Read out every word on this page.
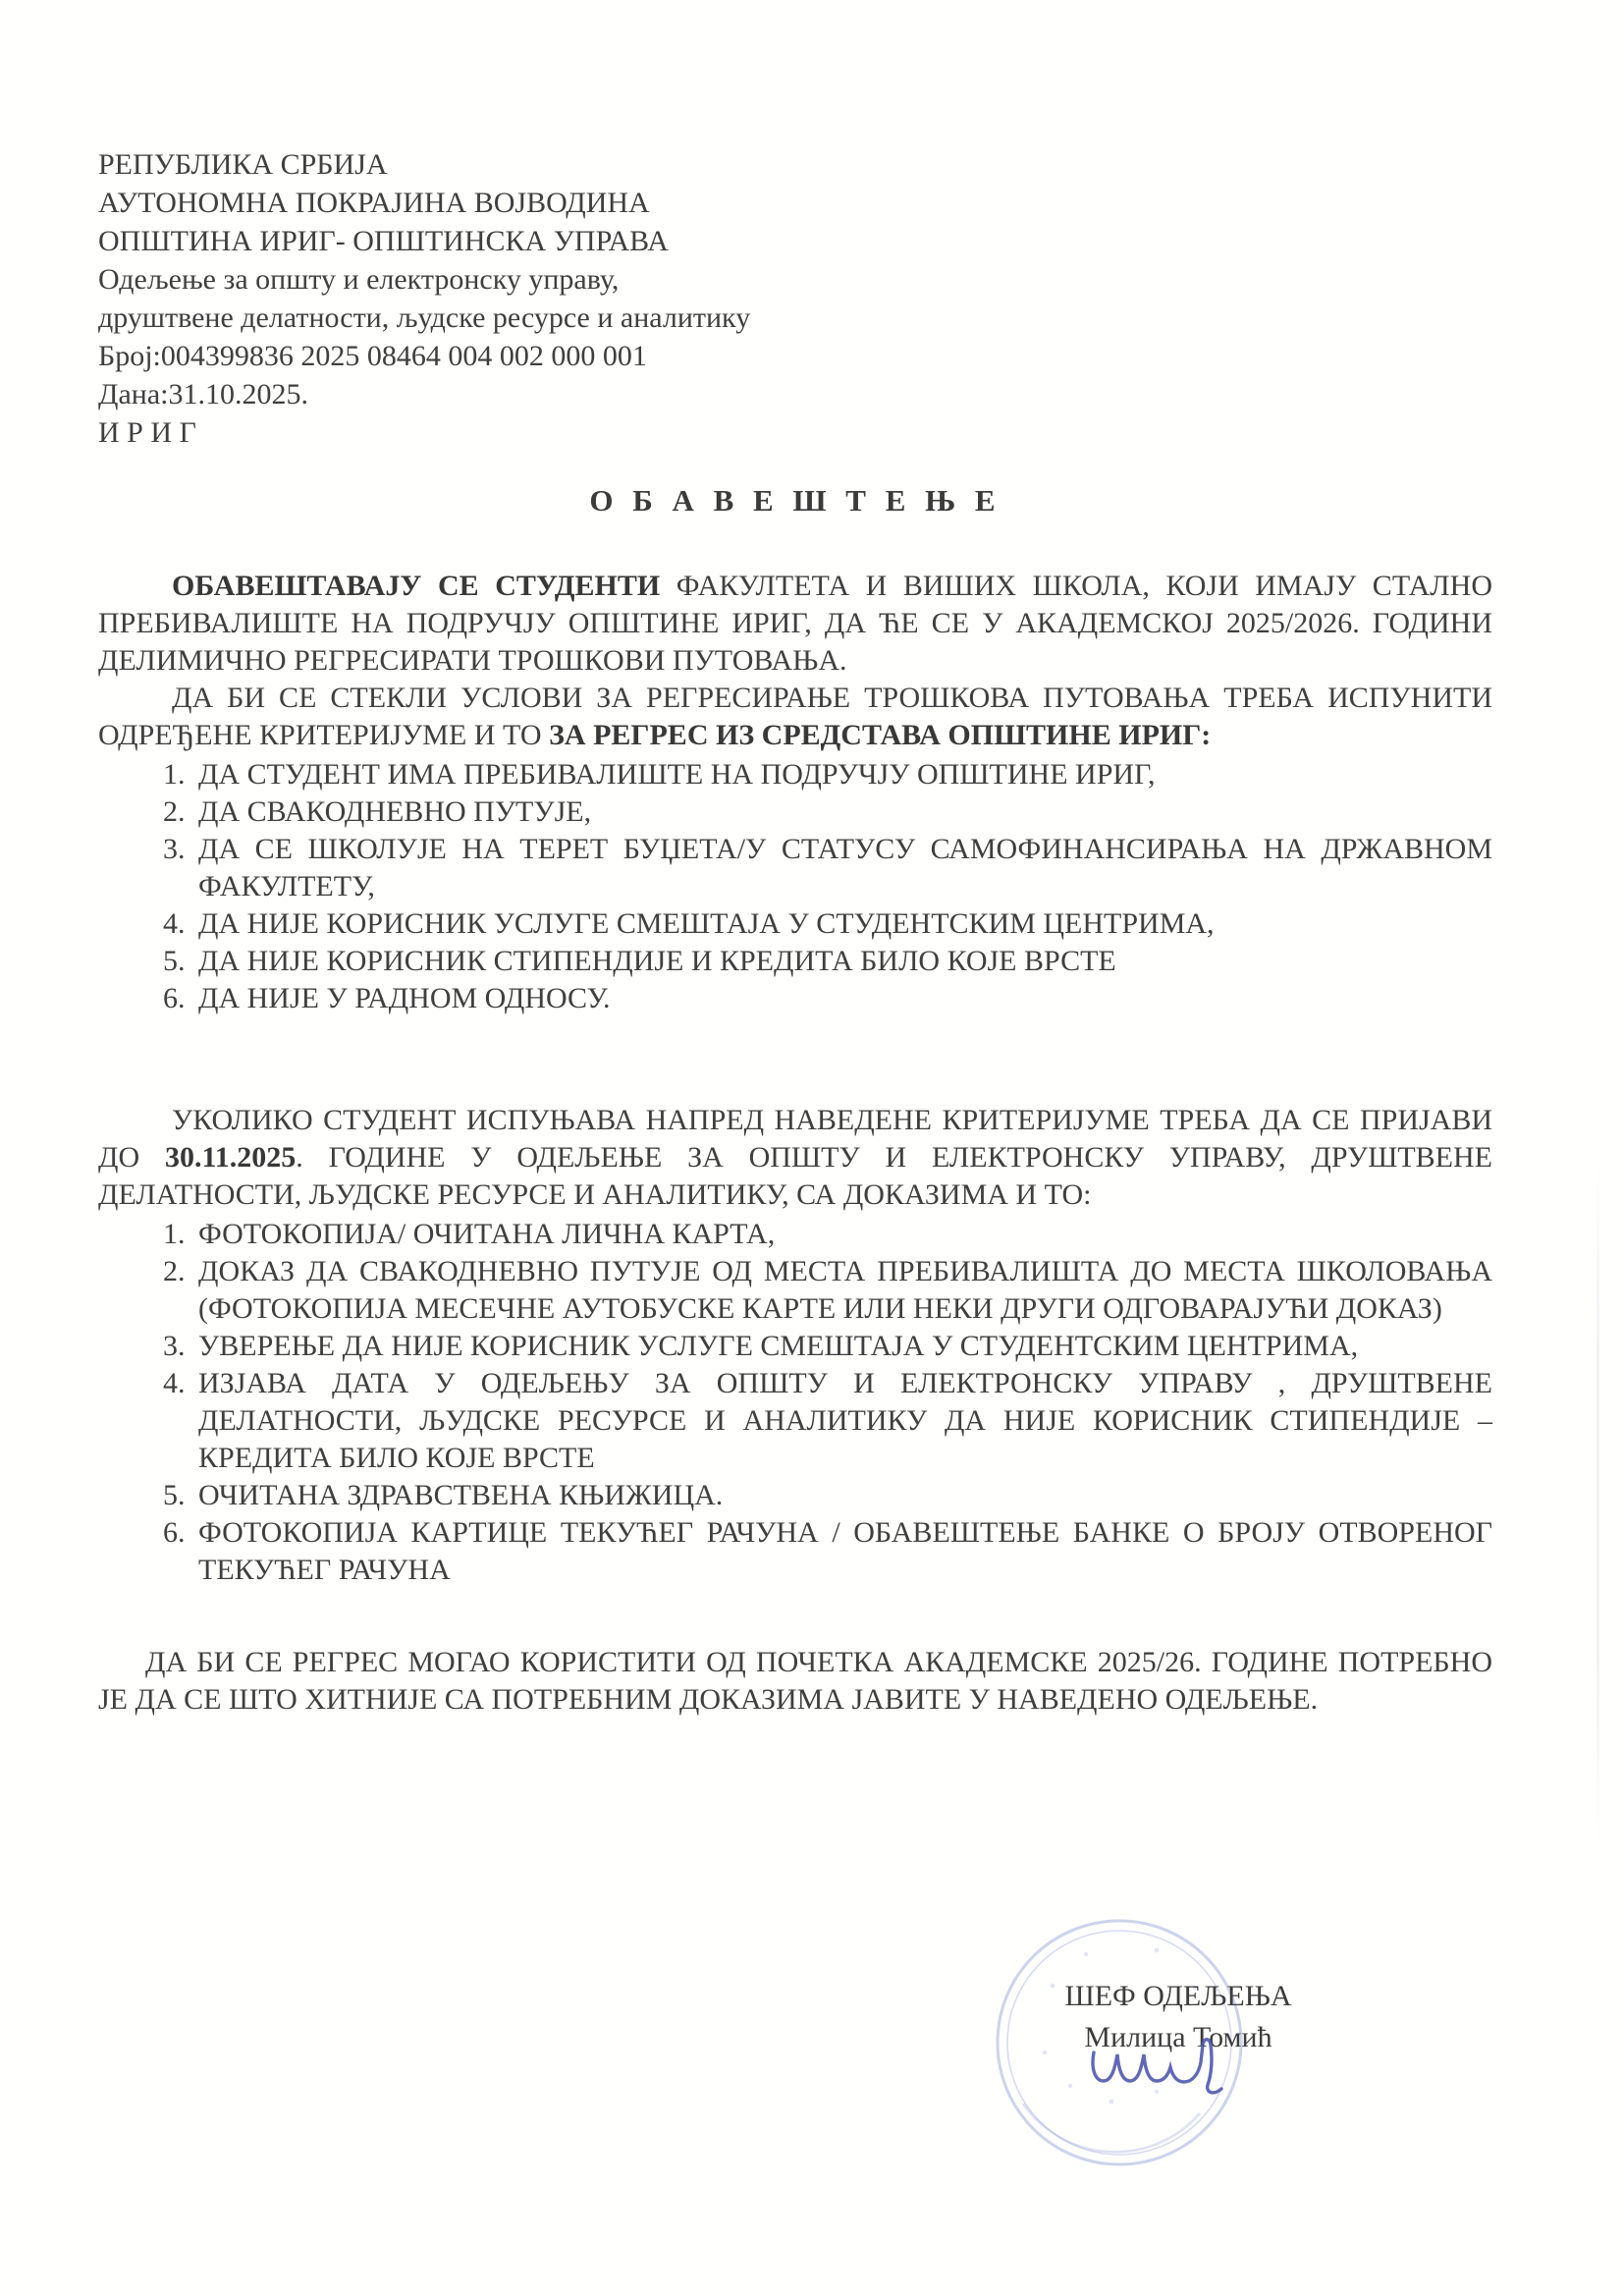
РЕПУБЛИКА СРБИЈА
АУТОНОМНА ПОКРАЈИНА ВОЈВОДИНА
ОПШТИНА ИРИГ- ОПШТИНСКА УПРАВА
Одељење за општу и електронску управу,
друштвене делатности, људске ресурсе и аналитику
Број:004399836 2025 08464 004 002 000 001
Дана:31.10.2025.
И Р И Г
О Б А В Е Ш Т Е Њ Е

ОБАВЕШТАВАЈУ СЕ СТУДЕНТИ ФАКУЛТЕТА И ВИШИХ ШКОЛА, КОЈИ ИМАЈУ СТАЛНО ПРЕБИВАЛИШТЕ НА ПОДРУЧЈУ ОПШТИНЕ ИРИГ, ДА ЋЕ СЕ У АКАДЕМСКОЈ 2025/2026. ГОДИНИ ДЕЛИМИЧНО РЕГРЕСИРАТИ ТРОШКОВИ ПУТОВАЊА.

ДА БИ СЕ СТЕКЛИ УСЛОВИ ЗА РЕГРЕСИРАЊЕ ТРОШКОВА ПУТОВАЊА ТРЕБА ИСПУНИТИ ОДРЕЂЕНЕ КРИТЕРИЈУМЕ И ТО ЗА РЕГРЕС ИЗ СРЕДСТАВА ОПШТИНЕ ИРИГ:

1. ДА СТУДЕНТ ИМА ПРЕБИВАЛИШТЕ НА ПОДРУЧЈУ ОПШТИНЕ ИРИГ,
2. ДА СВАКОДНЕВНО ПУТУЈЕ,
3. ДА СЕ ШКОЛУЈЕ НА ТЕРЕТ БУЏЕТА/У СТАТУСУ САМОФИНАНСИРАЊА НА ДРЖАВНОМ ФАКУЛТЕТУ,
4. ДА НИЈЕ КОРИСНИК УСЛУГЕ СМЕШТАЈА У СТУДЕНТСКИМ ЦЕНТРИМА,
5. ДА НИЈЕ КОРИСНИК СТИПЕНДИЈЕ И КРЕДИТА БИЛО КОЈЕ ВРСТЕ
6. ДА НИЈЕ У РАДНОМ ОДНОСУ.

УКОЛИКО СТУДЕНТ ИСПУЊАВА НАПРЕД НАВЕДЕНЕ КРИТЕРИЈУМЕ ТРЕБА ДА СЕ ПРИЈАВИ ДО 30.11.2025. ГОДИНЕ У ОДЕЉЕЊЕ ЗА ОПШТУ И ЕЛЕКТРОНСКУ УПРАВУ, ДРУШТВЕНЕ ДЕЛАТНОСТИ, ЉУДСКЕ РЕСУРСЕ И АНАЛИТИКУ, СА ДОКАЗИМА И ТО:

1. ФОТОКОПИЈА/ ОЧИТАНА ЛИЧНА КАРТА,
2. ДОКАЗ ДА СВАКОДНЕВНО ПУТУЈЕ ОД МЕСТА ПРЕБИВАЛИШТА ДО МЕСТА ШКОЛОВАЊА (ФОТОКОПИЈА МЕСЕЧНЕ АУТОБУСКЕ КАРТЕ ИЛИ НЕКИ ДРУГИ ОДГОВАРАЈУЋИ ДОКАЗ)
3. УВЕРЕЊЕ ДА НИЈЕ КОРИСНИК УСЛУГЕ СМЕШТАЈА У СТУДЕНТСКИМ ЦЕНТРИМА,
4. ИЗЈАВА ДАТА У ОДЕЉЕЊУ ЗА ОПШТУ И ЕЛЕКТРОНСКУ УПРАВУ , ДРУШТВЕНЕ ДЕЛАТНОСТИ, ЉУДСКЕ РЕСУРСЕ И АНАЛИТИКУ ДА НИЈЕ КОРИСНИК СТИПЕНДИЈЕ – КРЕДИТА БИЛО КОЈЕ ВРСТЕ
5. ОЧИТАНА ЗДРАВСТВЕНА КЊИЖИЦА.
6. ФОТОКОПИЈА КАРТИЦЕ ТЕКУЋЕГ РАЧУНА / ОБАВЕШТЕЊЕ БАНКЕ О БРОЈУ ОТВОРЕНОГ ТЕКУЋЕГ РАЧУНА

ДА БИ СЕ РЕГРЕС МОГАО КОРИСТИТИ ОД ПОЧЕТКА АКАДЕМСКЕ 2025/26. ГОДИНЕ ПОТРЕБНО ЈЕ ДА СЕ ШТО ХИТНИЈЕ СА ПОТРЕБНИМ ДОКАЗИМА ЈАВИТЕ У НАВЕДЕНО ОДЕЉЕЊЕ.

ШЕФ ОДЕЉЕЊА
Милица Томић
